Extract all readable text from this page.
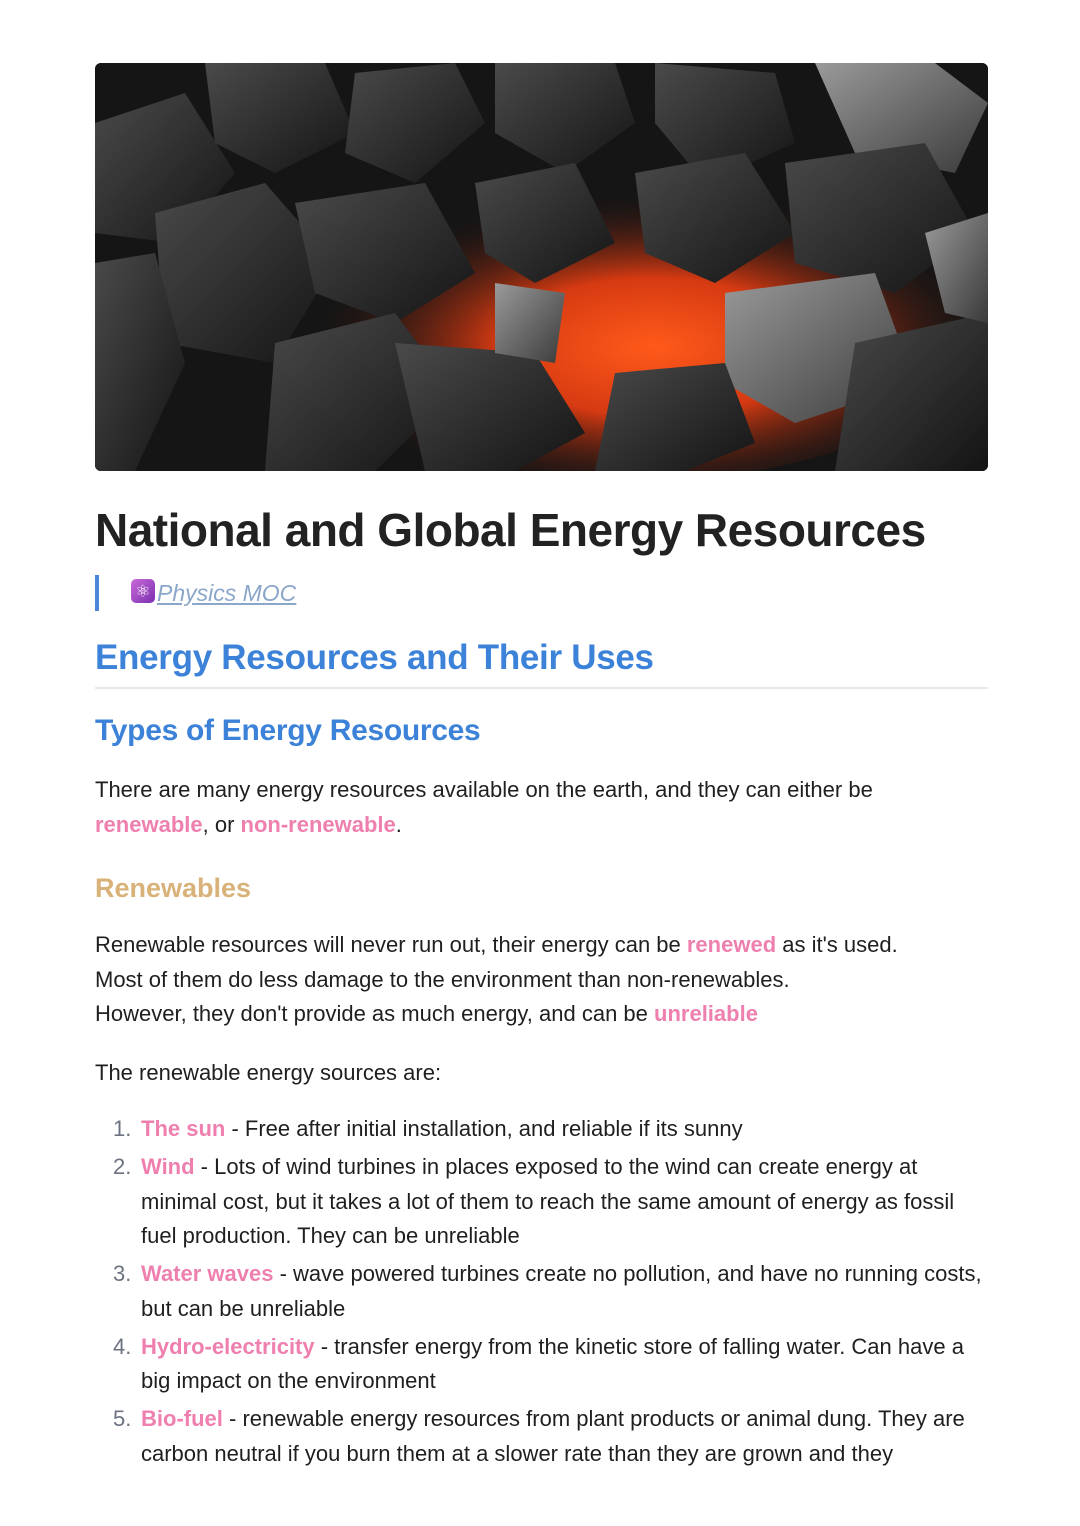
National and Global Energy Resources
⚛ Physics MOC
Energy Resources and Their Uses
Types of Energy Resources

There are many energy resources available on the earth, and they can either be renewable, or non-renewable.

Renewables

Renewable resources will never run out, their energy can be renewed as it's used.
Most of them do less damage to the environment than non-renewables.
However, they don't provide as much energy, and can be unreliable

The renewable energy sources are:

1. The sun - Free after initial installation, and reliable if its sunny
2. Wind - Lots of wind turbines in places exposed to the wind can create energy at minimal cost, but it takes a lot of them to reach the same amount of energy as fossil fuel production. They can be unreliable
3. Water waves - wave powered turbines create no pollution, and have no running costs, but can be unreliable
4. Hydro-electricity - transfer energy from the kinetic store of falling water. Can have a big impact on the environment
5. Bio-fuel - renewable energy resources from plant products or animal dung. They are carbon neutral if you burn them at a slower rate than they are grown and they
